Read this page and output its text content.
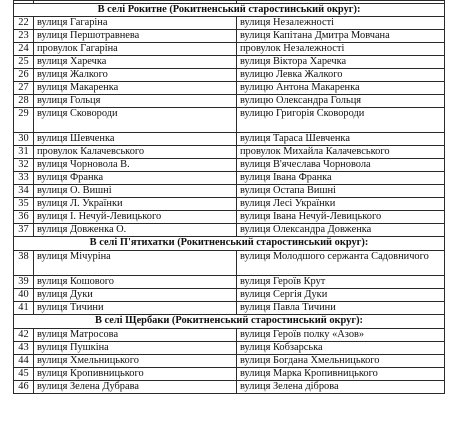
В селі Рокитне (Рокитненський старостинський округ):		
22	вулиця Гагаріна	вулиця Незалежності
23	вулиця Першотравнева	вулиця Капітана Дмитра Мовчана
24	провулок Гагаріна	провулок Незалежності
25	вулиця Харечка	вулиця Віктора Харечка
26	вулиця Жалкого	вулицю Левка Жалкого
27	вулиця Макаренка	вулицю Антона Макаренка
28	вулиця Гольця	вулицю Олександра Гольця
29	вулиця Сковороди	вулицю Григорія Сковороди
30	вулиця Шевченка	вулиця Тараса Шевченка
31	провулок Калачевського	провулок Михайла Калачевського
32	вулиця Чорновола В.	вулиця В'ячеслава Чорновола
33	вулиця Франка	вулиця Івана Франка
34	вулиця О. Вишні	вулиця Остапа Вишні
35	вулиця Л. Українки	вулиця Лесі Українки
36	вулиця І. Нечуй-Левицького	вулиця Івана Нечуй-Левицького
37	вулиця Довженка О.	вулиця Олександра Довженка
В селі П'ятихатки (Рокитненський старостинський округ):		
38	вулиця Мічуріна	вулиця Молодшого сержанта Садовничого
39	вулиця Кошового	вулиця Героїв Крут
40	вулиця Дуки	вулиця Сергія Дуки
41	вулиця Тичини	вулиця Павла Тичини
В селі Щербаки (Рокитненський старостинський округ):		
42	вулиця Матросова	вулиця Героїв полку «Азов»
43	вулиця Пушкіна	вулиця Кобзарська
44	вулиця Хмельницького	вулиця Богдана Хмельницького
45	вулиця Кропивницького	вулиця Марка Кропивницького
46	вулиця Зелена Дубрава	вулиця Зелена діброва
